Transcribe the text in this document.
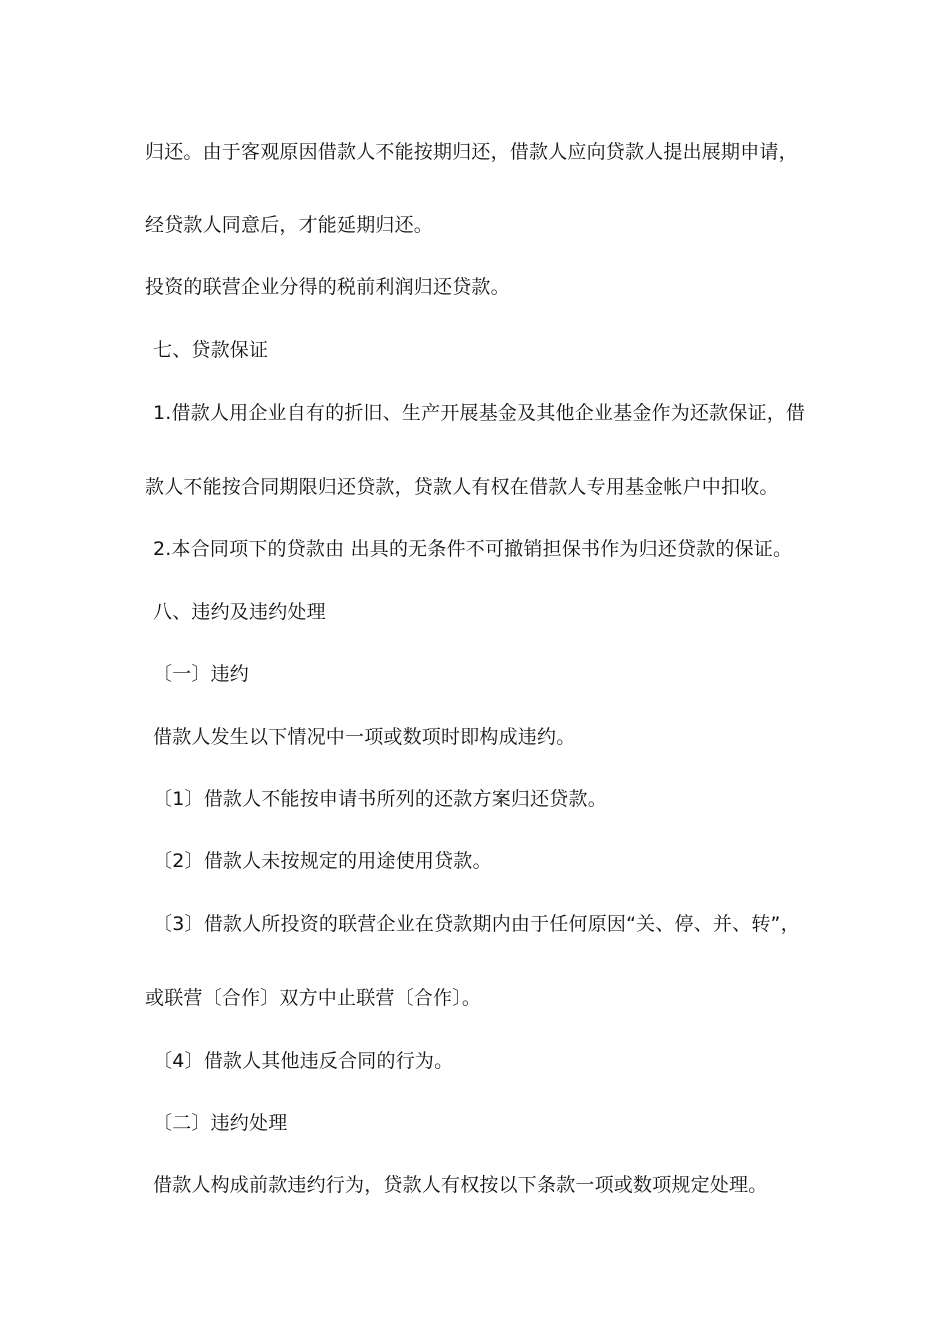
归还。由于客观原因借款人不能按期归还，借款人应向贷款人提出展期申请，
经贷款人同意后，才能延期归还。
投资的联营企业分得的税前利润归还贷款。
七、贷款保证
1.借款人用企业自有的折旧、生产开展基金及其他企业基金作为还款保证，借
款人不能按合同期限归还贷款，贷款人有权在借款人专用基金帐户中扣收。
2.本合同项下的贷款由 出具的无条件不可撤销担保书作为归还贷款的保证。
八、违约及违约处理
〔一〕违约
借款人发生以下情况中一项或数项时即构成违约。
〔1〕借款人不能按申请书所列的还款方案归还贷款。
〔2〕借款人未按规定的用途使用贷款。
〔3〕借款人所投资的联营企业在贷款期内由于任何原因“关、停、并、转”，
或联营〔合作〕双方中止联营〔合作〕。
〔4〕借款人其他违反合同的行为。
〔二〕违约处理
借款人构成前款违约行为，贷款人有权按以下条款一项或数项规定处理。
